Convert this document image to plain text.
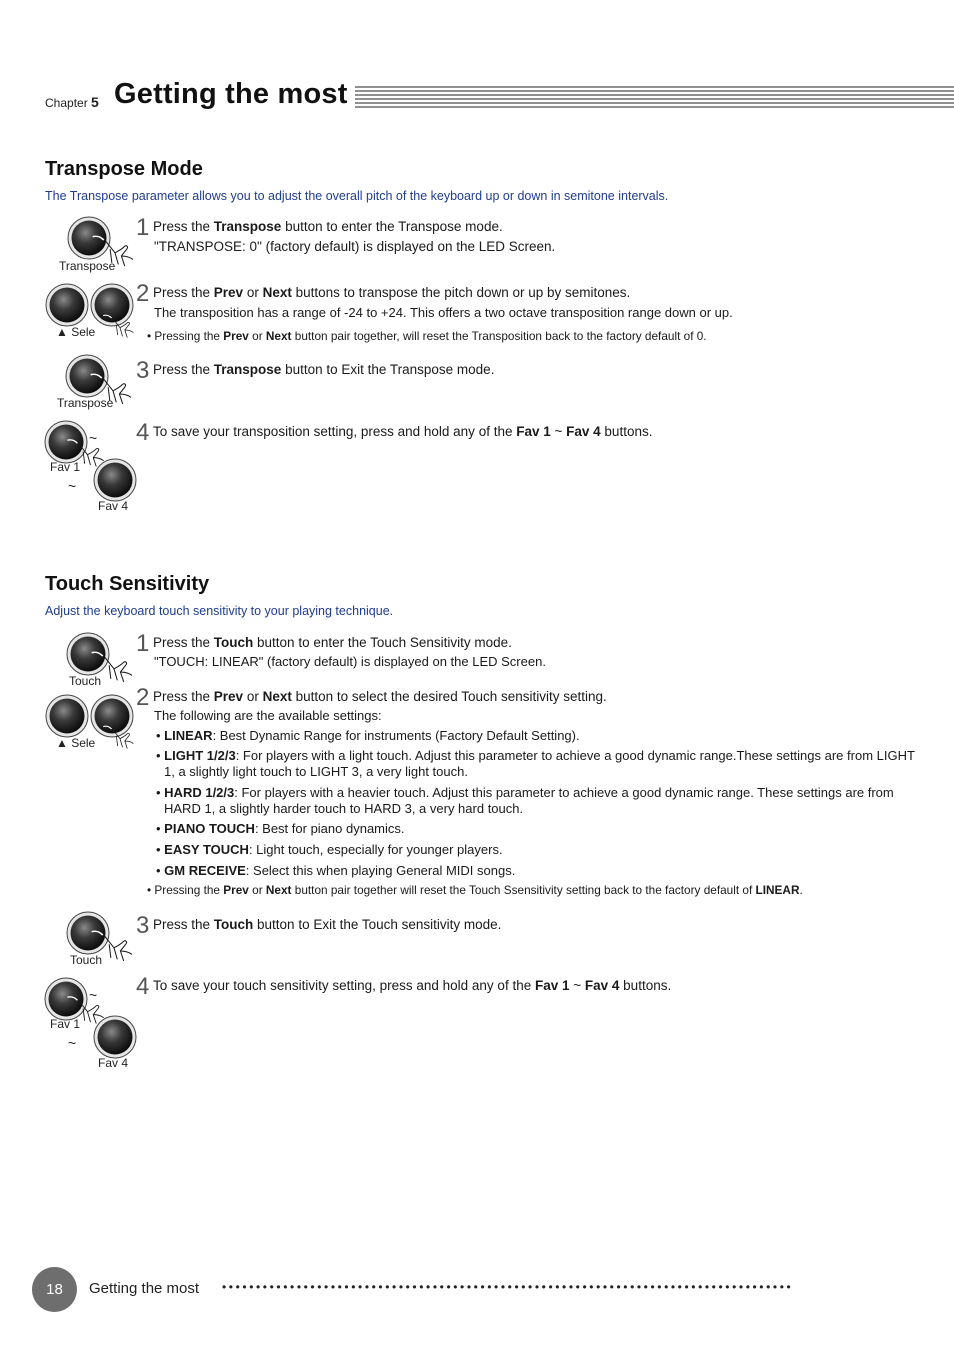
Chapter 5 Getting the most
Transpose Mode
The Transpose parameter allows you to adjust the overall pitch of the keyboard up or down in semitone intervals.
Transpose
1 Press the Transpose button to enter the Transpose mode.
"TRANSPOSE: 0" (factory default) is displayed on the LED Screen.
▲ Sele
2 Press the Prev or Next buttons to transpose the pitch down or up by semitones.
The transposition has a range of -24 to +24. This offers a two octave transposition range down or up.
• Pressing the Prev or Next button pair together, will reset the Transposition back to the factory default of 0.
Transpose
3 Press the Transpose button to Exit the Transpose mode.
~
Fav 1
~
Fav 4
4 To save your transposition setting, press and hold any of the Fav 1 ~ Fav 4 buttons.
Touch Sensitivity
Adjust the keyboard touch sensitivity to your playing technique.
Touch
1 Press the Touch button to enter the Touch Sensitivity mode.
"TOUCH: LINEAR" (factory default) is displayed on the LED Screen.
▲ Sele
2 Press the Prev or Next button to select the desired Touch sensitivity setting.
The following are the available settings:
• LINEAR: Best Dynamic Range for instruments (Factory Default Setting).
• LIGHT 1/2/3: For players with a light touch. Adjust this parameter to achieve a good dynamic range.These settings are from LIGHT 1, a slightly light touch to LIGHT 3, a very light touch.
• HARD 1/2/3: For players with a heavier touch. Adjust this parameter to achieve a good dynamic range. These settings are from HARD 1, a slightly harder touch to HARD 3, a very hard touch.
• PIANO TOUCH: Best for piano dynamics.
• EASY TOUCH: Light touch, especially for younger players.
• GM RECEIVE: Select this when playing General MIDI songs.
• Pressing the Prev or Next button pair together will reset the Touch Ssensitivity setting back to the factory default of LINEAR.
Touch
3 Press the Touch button to Exit the Touch sensitivity mode.
~
Fav 1
~
Fav 4
4 To save your touch sensitivity setting, press and hold any of the Fav 1 ~ Fav 4 buttons.
18	Getting the most ••••••••••••••••••••••••••••••••••••••••••••••••••••••••••••••••••••••••••••••••••••
